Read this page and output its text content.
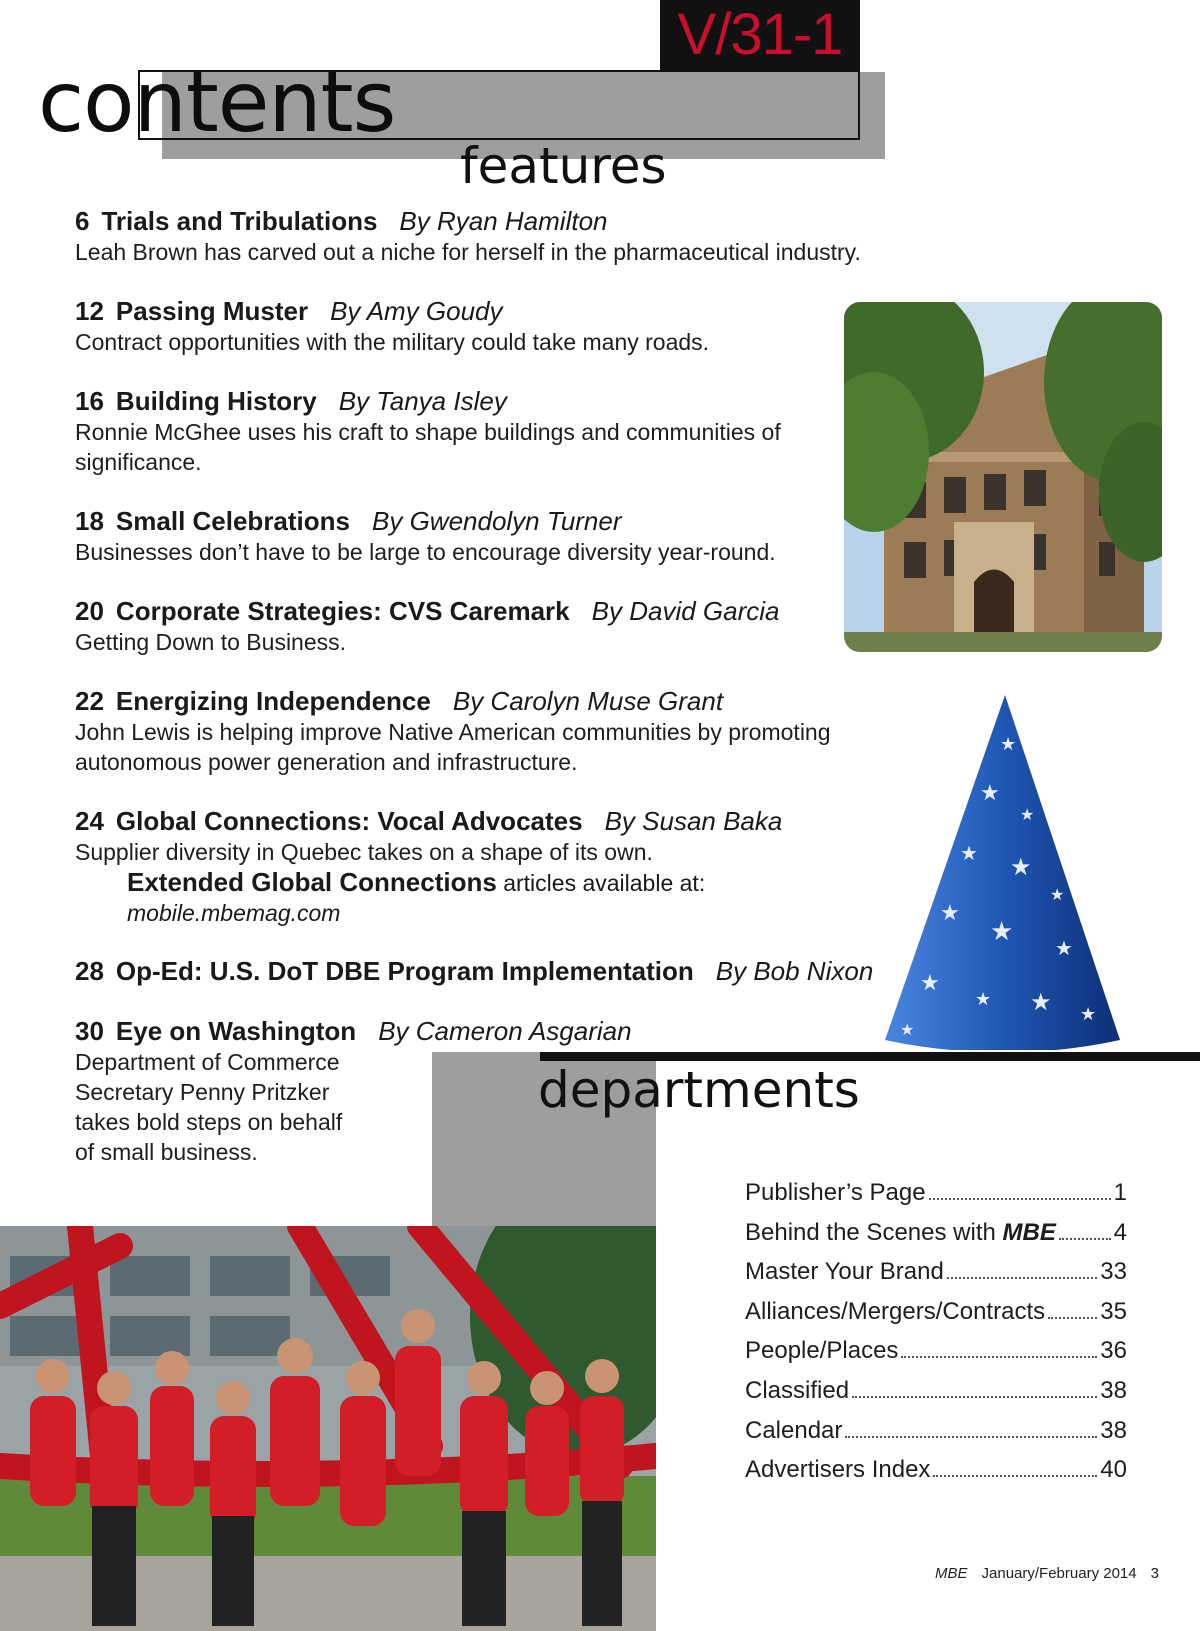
V/31-1
contents
features
6 Trials and Tribulations By Ryan Hamilton
Leah Brown has carved out a niche for herself in the pharmaceutical industry.
12 Passing Muster By Amy Goudy
Contract opportunities with the military could take many roads.
16 Building History By Tanya Isley
Ronnie McGhee uses his craft to shape buildings and communities of significance.
18 Small Celebrations By Gwendolyn Turner
Businesses don’t have to be large to encourage diversity year-round.
20 Corporate Strategies: CVS Caremark By David Garcia
Getting Down to Business.
22 Energizing Independence By Carolyn Muse Grant
John Lewis is helping improve Native American communities by promoting autonomous power generation and infrastructure.
24 Global Connections: Vocal Advocates By Susan Baka
Supplier diversity in Quebec takes on a shape of its own.
Extended Global Connections articles available at:
mobile.mbemag.com
28 Op-Ed: U.S. DoT DBE Program Implementation By Bob Nixon
30 Eye on Washington By Cameron Asgarian
Department of Commerce Secretary Penny Pritzker takes bold steps on behalf of small business.
★
★
★
★ ★
★
★
★
★
★
★ ★ ★
★
departments
Publisher’s Page	1
Behind the Scenes with MBE 4
Master Your Brand	33
Alliances/Mergers/Contracts 35
People/Places	36
Classified	38
Calendar	38
Advertisers Index	40
MBE January/February 2014 3
